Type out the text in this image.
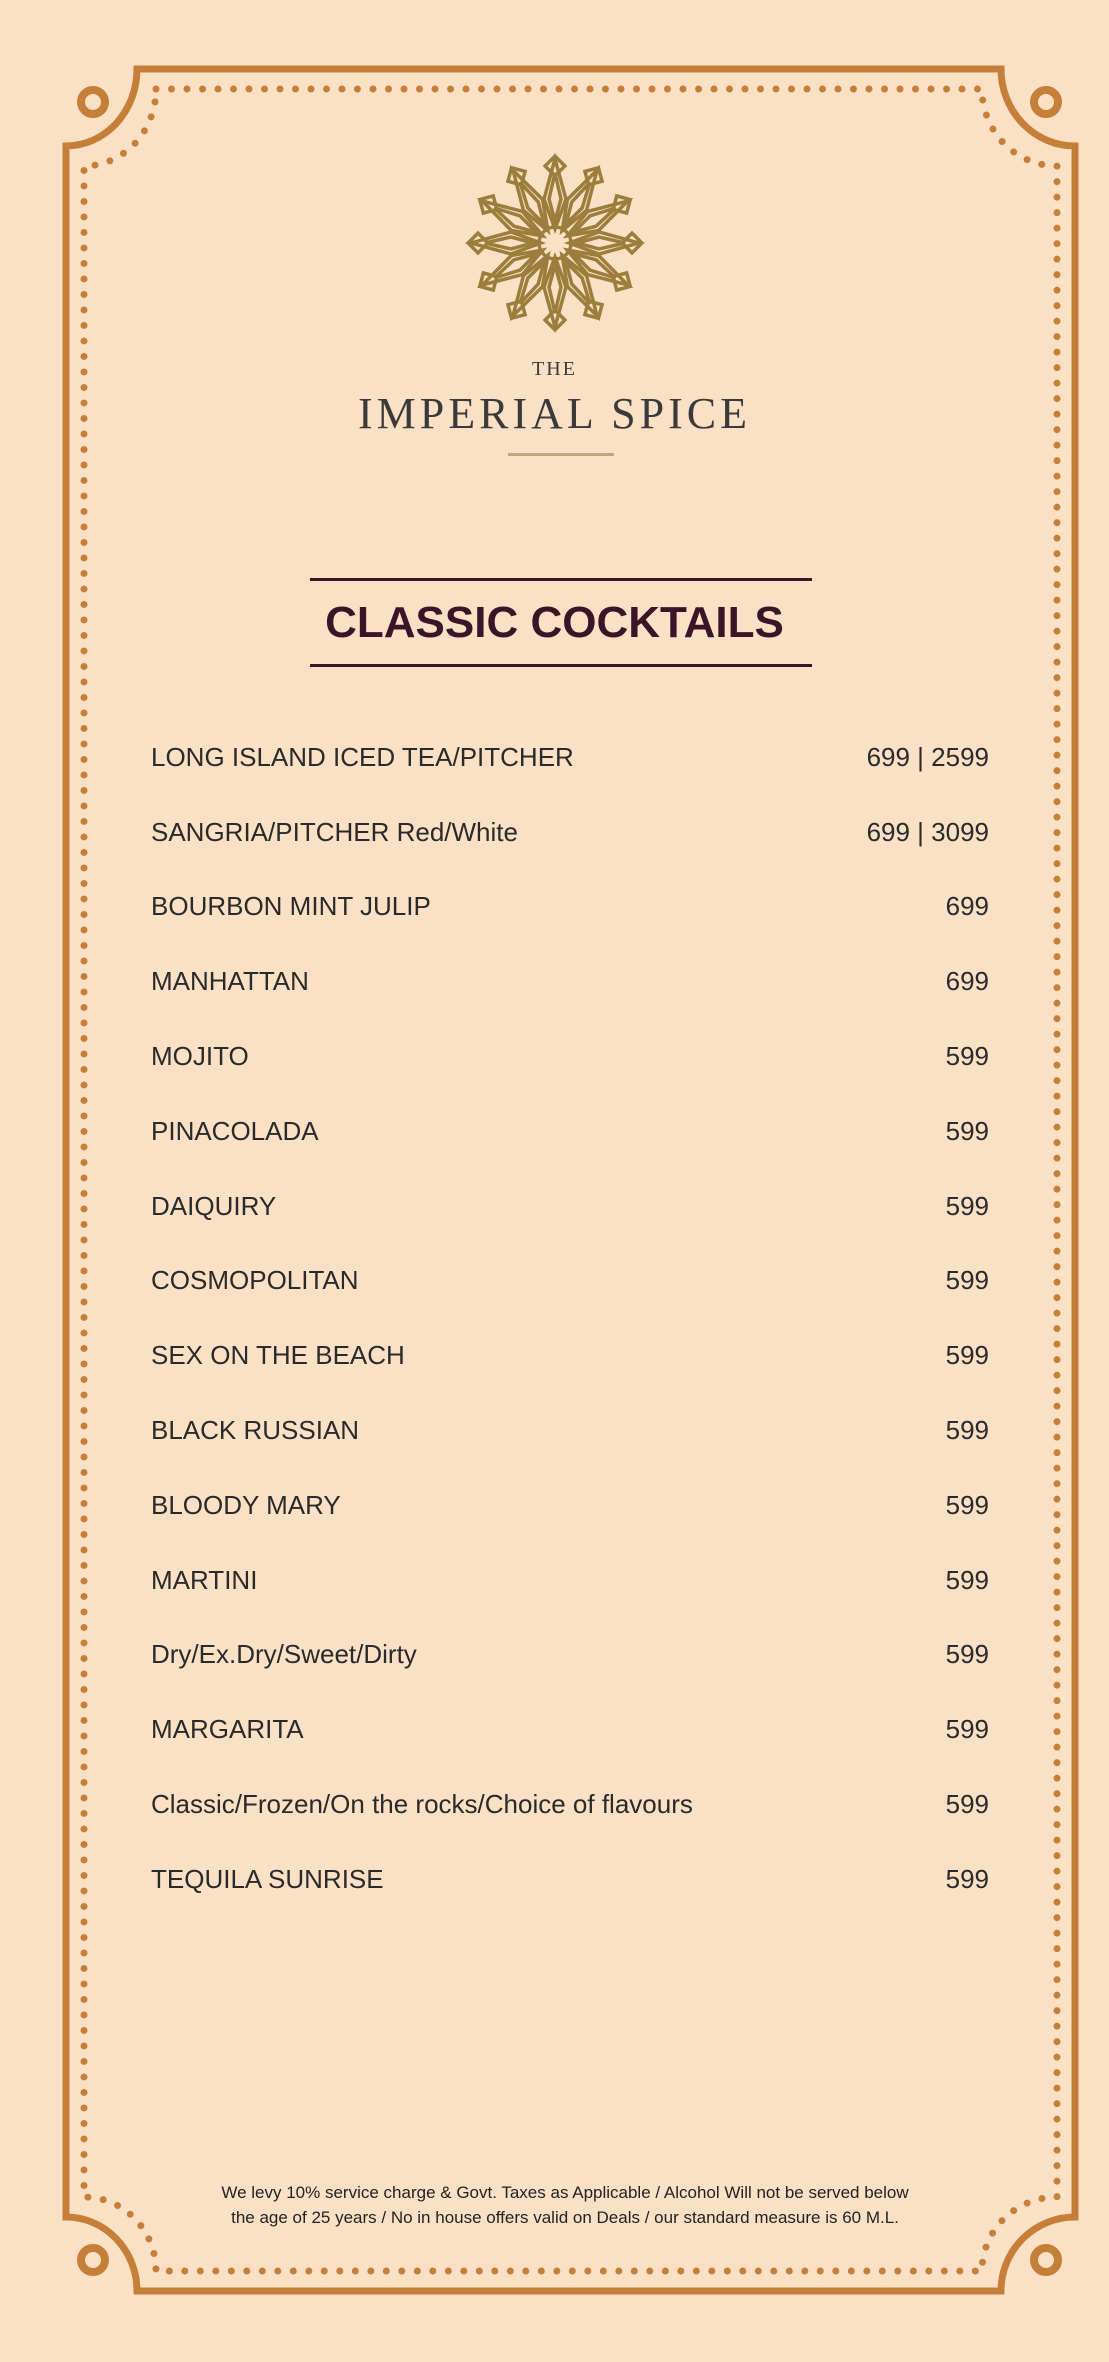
THE
IMPERIAL SPICE
CLASSIC COCKTAILS
LONG ISLAND ICED TEA/PITCHER	699 | 2599
SANGRIA/PITCHER Red/White	699 | 3099
BOURBON MINT JULIP	699
MANHATTAN	699
MOJITO	599
PINACOLADA	599
DAIQUIRY	599
COSMOPOLITAN	599
SEX ON THE BEACH	599
BLACK RUSSIAN	599
BLOODY MARY	599
MARTINI	599
Dry/Ex.Dry/Sweet/Dirty	599
MARGARITA	599
Classic/Frozen/On the rocks/Choice of flavours	599
TEQUILA SUNRISE	599
We levy 10% service charge & Govt. Taxes as Applicable / Alcohol Will not be served below
the age of 25 years / No in house offers valid on Deals / our standard measure is 60 M.L.
